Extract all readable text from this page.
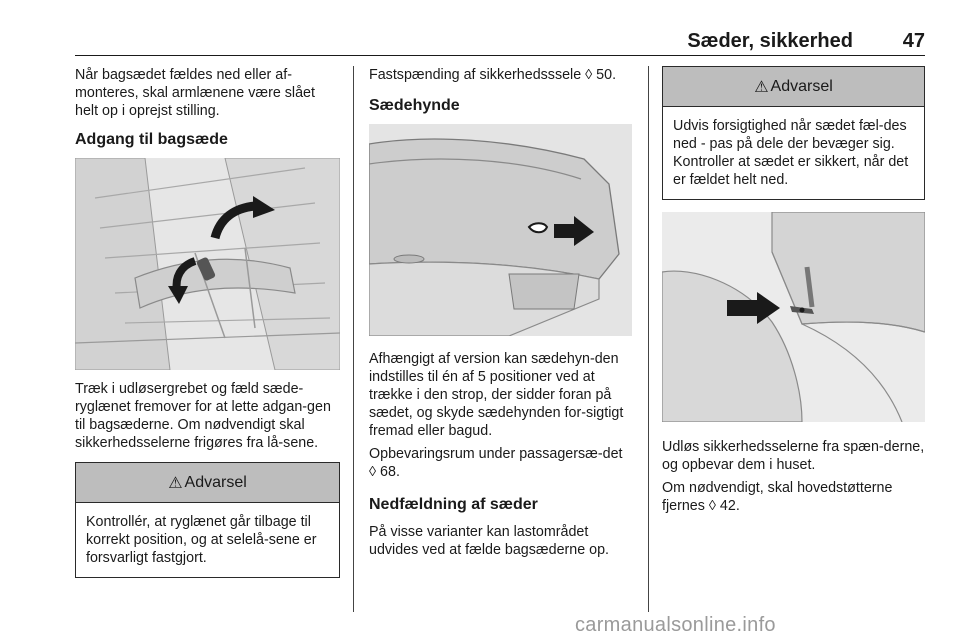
Sæder, sikkerhed 47

Når bagsædet fældes ned eller af-monteres, skal armlænene være slået helt op i oprejst stilling.

Adgang til bagsæde

Træk i udløsergrebet og fæld sæde-ryglænet fremover for at lette adgan-gen til bagsæderne. Om nødvendigt skal sikkerhedsselerne frigøres fra lå-sene.

⚠ Advarsel
Kontrollér, at ryglænet går tilbage til korrekt position, og at selelå-sene er forsvarligt fastgjort.

Fastspænding af sikkerhedsssele ◊ 50.

Sædehynde

Afhængigt af version kan sædehyn-den indstilles til én af 5 positioner ved at trække i den strop, der sidder foran på sædet, og skyde sædehynden for-sigtigt fremad eller bagud.

Opbevaringsrum under passagersæ-det ◊ 68.

Nedfældning af sæder

På visse varianter kan lastområdet udvides ved at fælde bagsæderne op.

⚠ Advarsel
Udvis forsigtighed når sædet fæl-des ned - pas på dele der bevæger sig. Kontroller at sædet er sikkert, når det er fældet helt ned.

Udløs sikkerhedsselerne fra spæn-derne, og opbevar dem i huset.

Om nødvendigt, skal hovedstøtterne fjernes ◊ 42.

carmanualsonline.info
